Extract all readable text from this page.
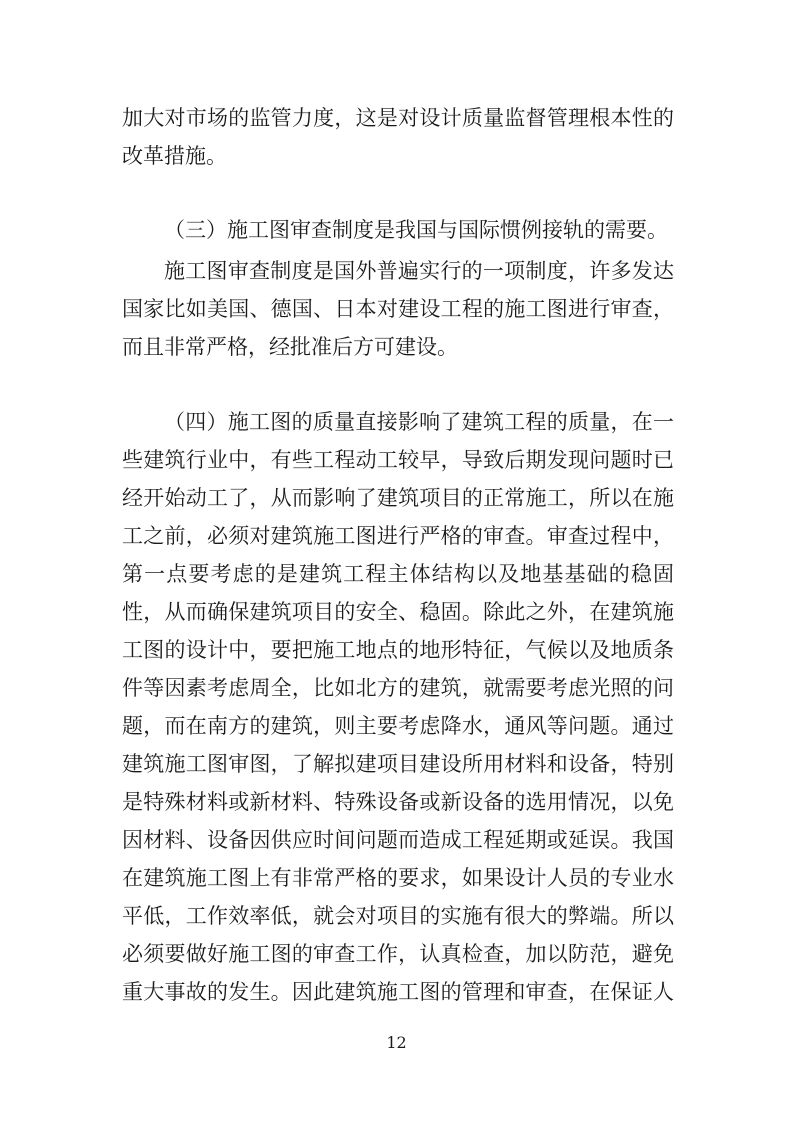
加大对市场的监管力度，这是对设计质量监督管理根本性的
改革措施。
（三）施工图审查制度是我国与国际惯例接轨的需要。
施工图审查制度是国外普遍实行的一项制度，许多发达
国家比如美国、德国、日本对建设工程的施工图进行审查，
而且非常严格，经批准后方可建设。
（四）施工图的质量直接影响了建筑工程的质量，在一
些建筑行业中，有些工程动工较早，导致后期发现问题时已
经开始动工了，从而影响了建筑项目的正常施工，所以在施
工之前，必须对建筑施工图进行严格的审查。审查过程中，
第一点要考虑的是建筑工程主体结构以及地基基础的稳固
性，从而确保建筑项目的安全、稳固。除此之外，在建筑施
工图的设计中，要把施工地点的地形特征，气候以及地质条
件等因素考虑周全，比如北方的建筑，就需要考虑光照的问
题，而在南方的建筑，则主要考虑降水，通风等问题。通过
建筑施工图审图，了解拟建项目建设所用材料和设备，特别
是特殊材料或新材料、特殊设备或新设备的选用情况，以免
因材料、设备因供应时间问题而造成工程延期或延误。我国
在建筑施工图上有非常严格的要求，如果设计人员的专业水
平低，工作效率低，就会对项目的实施有很大的弊端。所以
必须要做好施工图的审查工作，认真检查，加以防范，避免
重大事故的发生。因此建筑施工图的管理和审查，在保证人
12
